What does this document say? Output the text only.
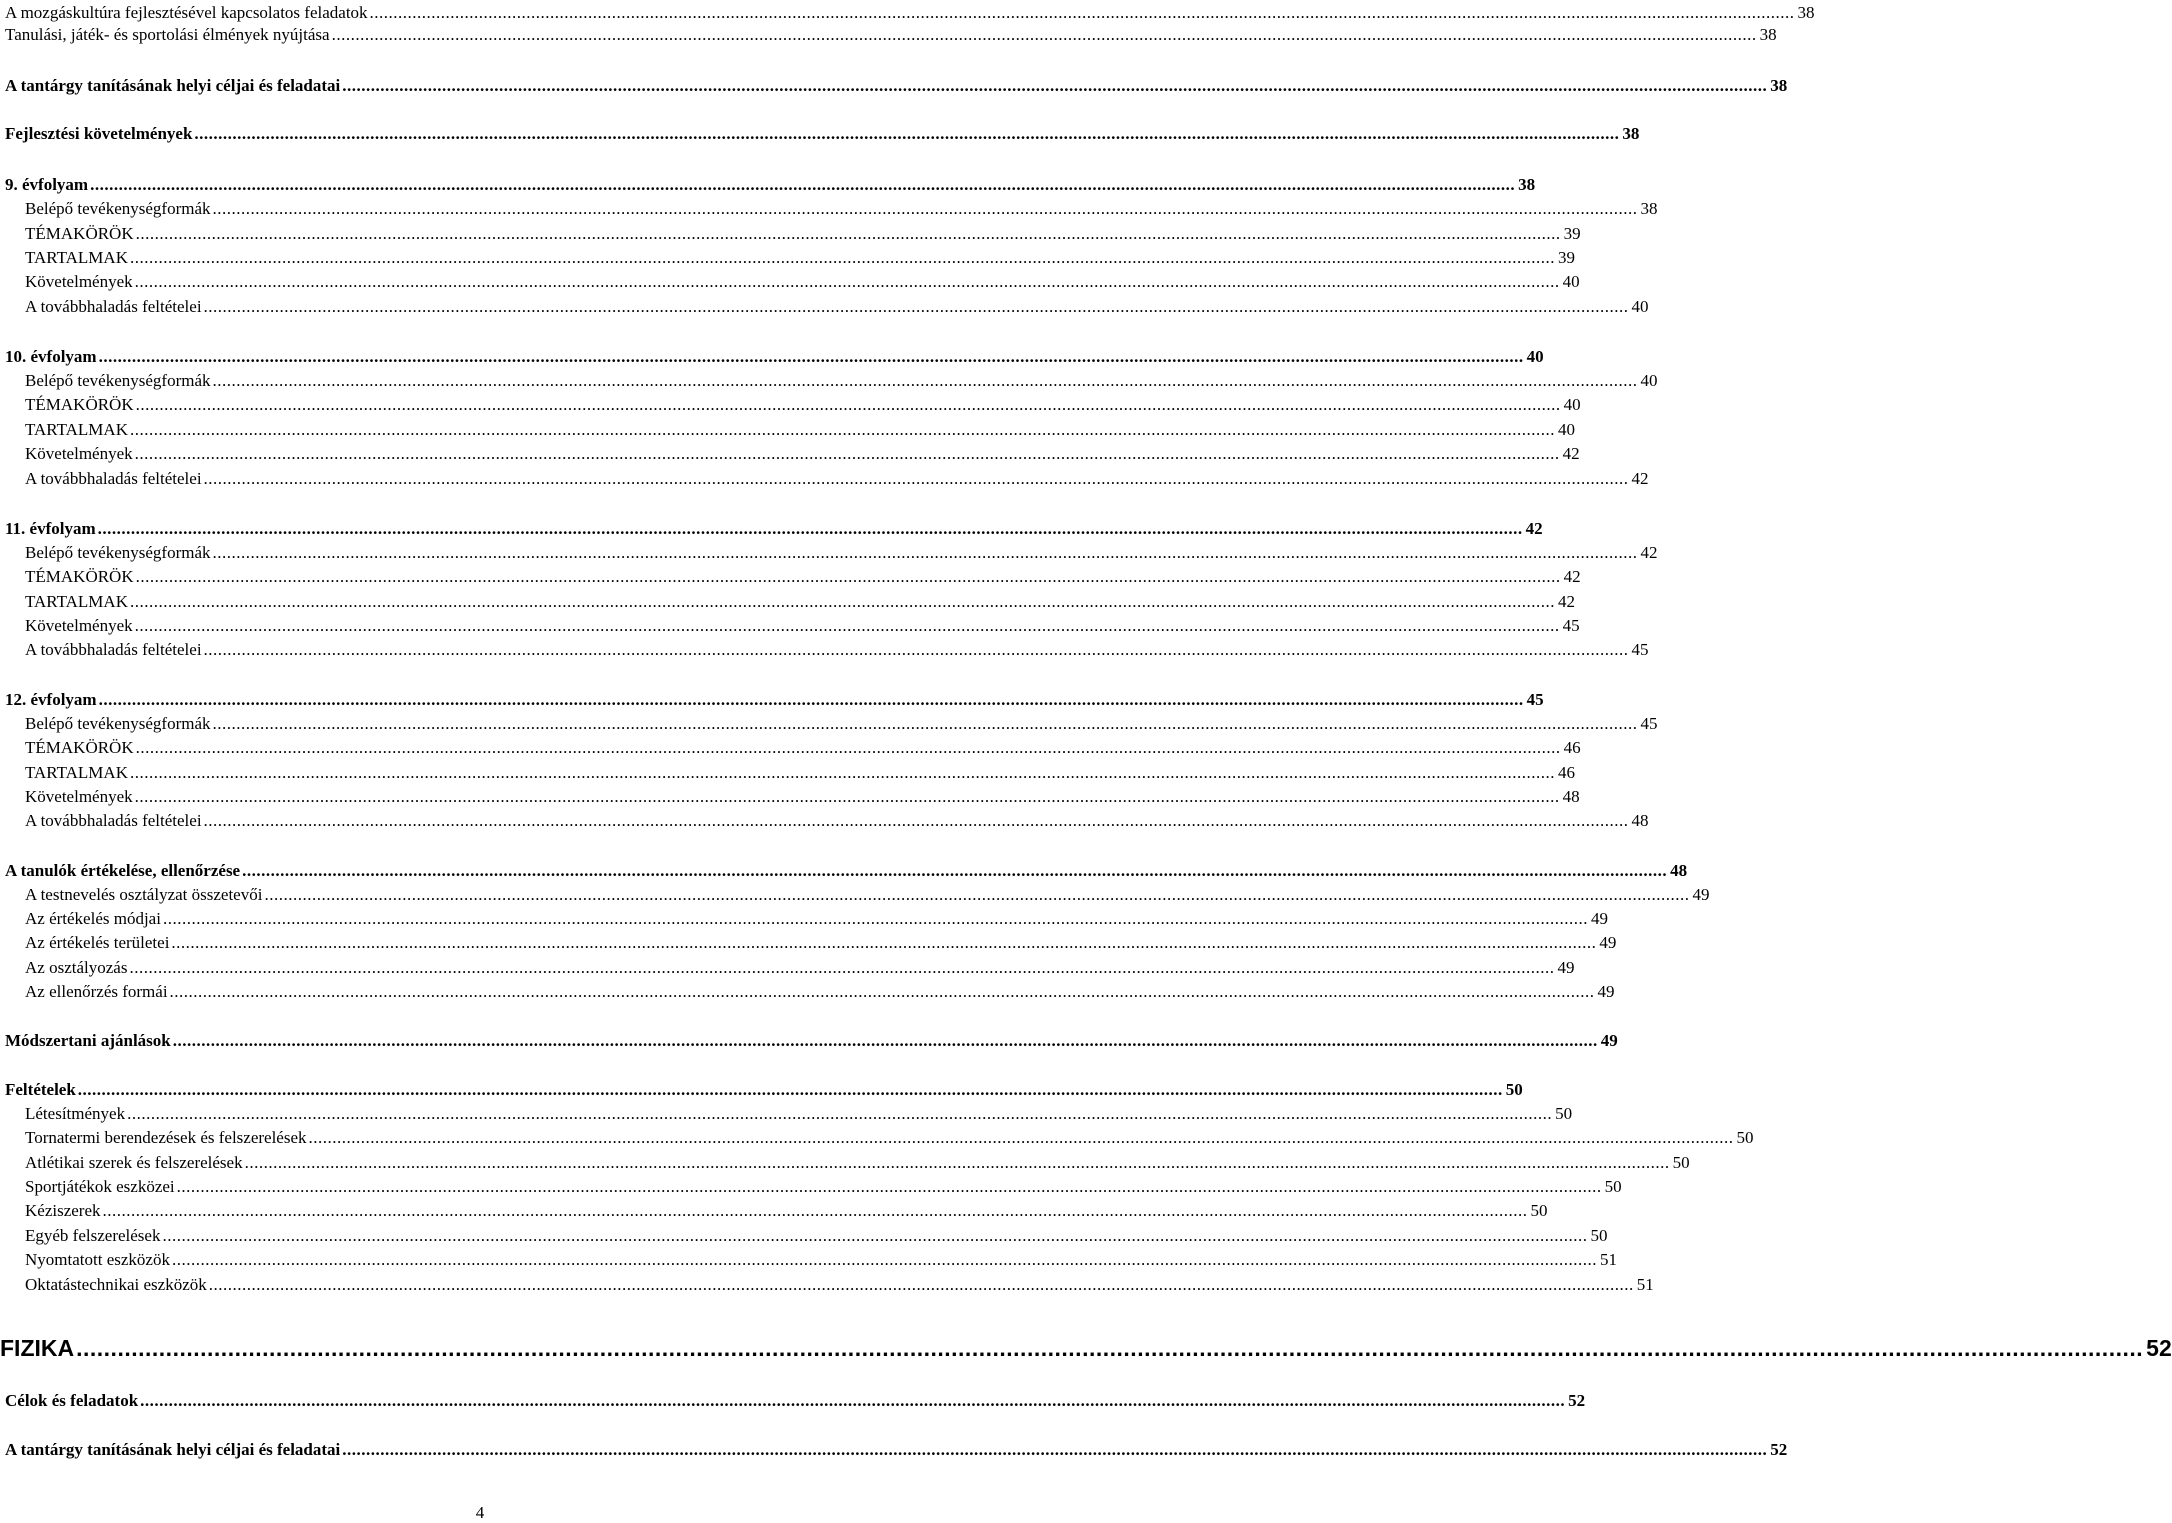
A mozgáskultúra fejlesztésével kapcsolatos feladatok ............................................................................................................................................................................................................................................................................................................ 38
Tanulási, játék- és sportolási élmények nyújtása ............................................................................................................................................................................................................................................................................................................ 38
A tantárgy tanításának helyi céljai és feladatai ............................................................................................................................................................................................................................................................................................................ 38
Fejlesztési követelmények ............................................................................................................................................................................................................................................................................................................ 38
9. évfolyam ............................................................................................................................................................................................................................................................................................................ 38
Belépő tevékenységformák ............................................................................................................................................................................................................................................................................................................ 38
TÉMAKÖRÖK ............................................................................................................................................................................................................................................................................................................ 39
TARTALMAK ............................................................................................................................................................................................................................................................................................................ 39
Követelmények ............................................................................................................................................................................................................................................................................................................ 40
A továbbhaladás feltételei ............................................................................................................................................................................................................................................................................................................ 40
10. évfolyam ............................................................................................................................................................................................................................................................................................................ 40
Belépő tevékenységformák ............................................................................................................................................................................................................................................................................................................ 40
TÉMAKÖRÖK ............................................................................................................................................................................................................................................................................................................ 40
TARTALMAK ............................................................................................................................................................................................................................................................................................................ 40
Követelmények ............................................................................................................................................................................................................................................................................................................ 42
A továbbhaladás feltételei ............................................................................................................................................................................................................................................................................................................ 42
11. évfolyam ............................................................................................................................................................................................................................................................................................................ 42
Belépő tevékenységformák ............................................................................................................................................................................................................................................................................................................ 42
TÉMAKÖRÖK ............................................................................................................................................................................................................................................................................................................ 42
TARTALMAK ............................................................................................................................................................................................................................................................................................................ 42
Követelmények ............................................................................................................................................................................................................................................................................................................ 45
A továbbhaladás feltételei ............................................................................................................................................................................................................................................................................................................ 45
12. évfolyam ............................................................................................................................................................................................................................................................................................................ 45
Belépő tevékenységformák ............................................................................................................................................................................................................................................................................................................ 45
TÉMAKÖRÖK ............................................................................................................................................................................................................................................................................................................ 46
TARTALMAK ............................................................................................................................................................................................................................................................................................................ 46
Követelmények ............................................................................................................................................................................................................................................................................................................ 48
A továbbhaladás feltételei ............................................................................................................................................................................................................................................................................................................ 48
A tanulók értékelése, ellenőrzése ............................................................................................................................................................................................................................................................................................................ 48
A testnevelés osztályzat összetevői ............................................................................................................................................................................................................................................................................................................ 49
Az értékelés módjai ............................................................................................................................................................................................................................................................................................................ 49
Az értékelés területei ............................................................................................................................................................................................................................................................................................................ 49
Az osztályozás ............................................................................................................................................................................................................................................................................................................ 49
Az ellenőrzés formái ............................................................................................................................................................................................................................................................................................................ 49
Módszertani ajánlások ............................................................................................................................................................................................................................................................................................................ 49
Feltételek ............................................................................................................................................................................................................................................................................................................ 50
Létesítmények ............................................................................................................................................................................................................................................................................................................ 50
Tornatermi berendezések és felszerelések ............................................................................................................................................................................................................................................................................................................ 50
Atlétikai szerek és felszerelések ............................................................................................................................................................................................................................................................................................................ 50
Sportjátékok eszközei ............................................................................................................................................................................................................................................................................................................ 50
Kéziszerek ............................................................................................................................................................................................................................................................................................................ 50
Egyéb felszerelések ............................................................................................................................................................................................................................................................................................................ 50
Nyomtatott eszközök ............................................................................................................................................................................................................................................................................................................ 51
Oktatástechnikai eszközök ............................................................................................................................................................................................................................................................................................................ 51
FIZIKA ............................................................................................................................................................................................................................................................................................................ 52
Célok és feladatok ............................................................................................................................................................................................................................................................................................................ 52
A tantárgy tanításának helyi céljai és feladatai ............................................................................................................................................................................................................................................................................................................ 52
4
